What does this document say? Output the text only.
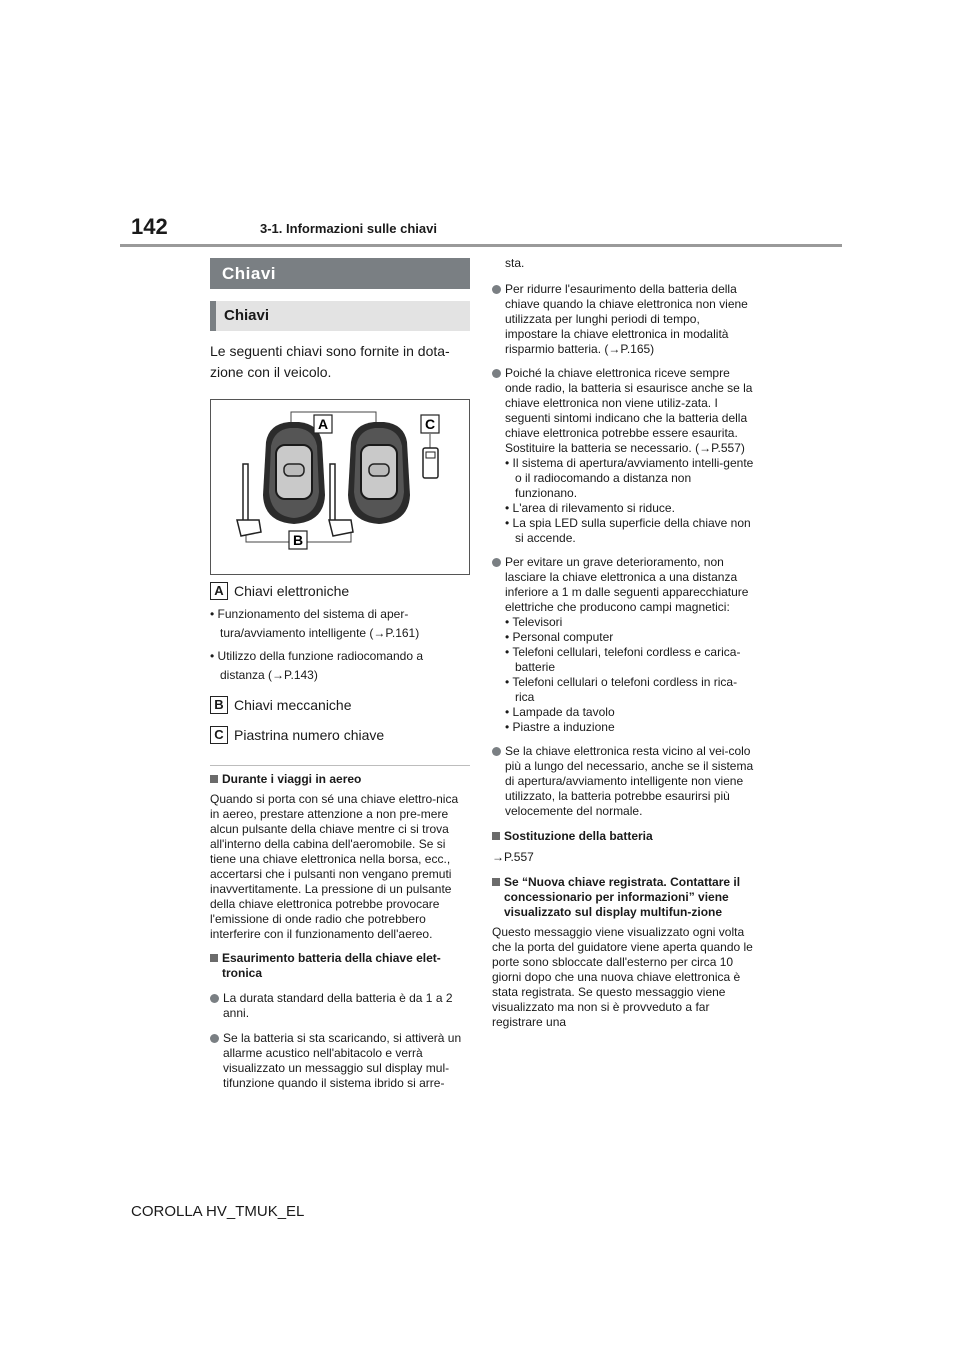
142	3-1. Informazioni sulle chiavi
Chiavi
Chiavi
Le seguenti chiavi sono fornite in dota-zione con il veicolo.
A
B
C
A Chiavi elettroniche
• Funzionamento del sistema di aper-tura/avviamento intelligente (→P.161)
• Utilizzo della funzione radiocomando a distanza (→P.143)
B Chiavi meccaniche
C Piastrina numero chiave
Durante i viaggi in aereo
Quando si porta con sé una chiave elettro-nica in aereo, prestare attenzione a non pre-mere alcun pulsante della chiave mentre ci si trova all'interno della cabina dell'aeromobile. Se si tiene una chiave elettronica nella borsa, ecc., accertarsi che i pulsanti non vengano premuti inavvertitamente. La pressione di un pulsante della chiave elettronica potrebbe provocare l'emissione di onde radio che potrebbero interferire con il funzionamento dell'aereo.
Esaurimento batteria della chiave elet-tronica
La durata standard della batteria è da 1 a 2 anni.
Se la batteria si sta scaricando, si attiverà un allarme acustico nell'abitacolo e verrà visualizzato un messaggio sul display mul-tifunzione quando il sistema ibrido si arre-
sta.
Per ridurre l'esaurimento della batteria della chiave quando la chiave elettronica non viene utilizzata per lunghi periodi di tempo, impostare la chiave elettronica in modalità risparmio batteria. (→P.165)
Poiché la chiave elettronica riceve sempre onde radio, la batteria si esaurisce anche se la chiave elettronica non viene utiliz-zata. I seguenti sintomi indicano che la batteria della chiave elettronica potrebbe essere esaurita. Sostituire la batteria se necessario. (→P.557)
• Il sistema di apertura/avviamento intelli-gente o il radiocomando a distanza non funzionano.
• L'area di rilevamento si riduce.
• La spia LED sulla superficie della chiave non si accende.
Per evitare un grave deterioramento, non lasciare la chiave elettronica a una distanza inferiore a 1 m dalle seguenti apparecchiature elettriche che producono campi magnetici:
• Televisori
• Personal computer
• Telefoni cellulari, telefoni cordless e carica-batterie
• Telefoni cellulari o telefoni cordless in rica-rica
• Lampade da tavolo
• Piastre a induzione
Se la chiave elettronica resta vicino al vei-colo più a lungo del necessario, anche se il sistema di apertura/avviamento intelligente non viene utilizzato, la batteria potrebbe esaurirsi più velocemente del normale.
Sostituzione della batteria
→P.557
Se “Nuova chiave registrata. Contattare il concessionario per informazioni” viene visualizzato sul display multifun-zione
Questo messaggio viene visualizzato ogni volta che la porta del guidatore viene aperta quando le porte sono sbloccate dall'esterno per circa 10 giorni dopo che una nuova chiave elettronica è stata registrata. Se questo messaggio viene visualizzato ma non si è provveduto a far registrare una
COROLLA HV_TMUK_EL
